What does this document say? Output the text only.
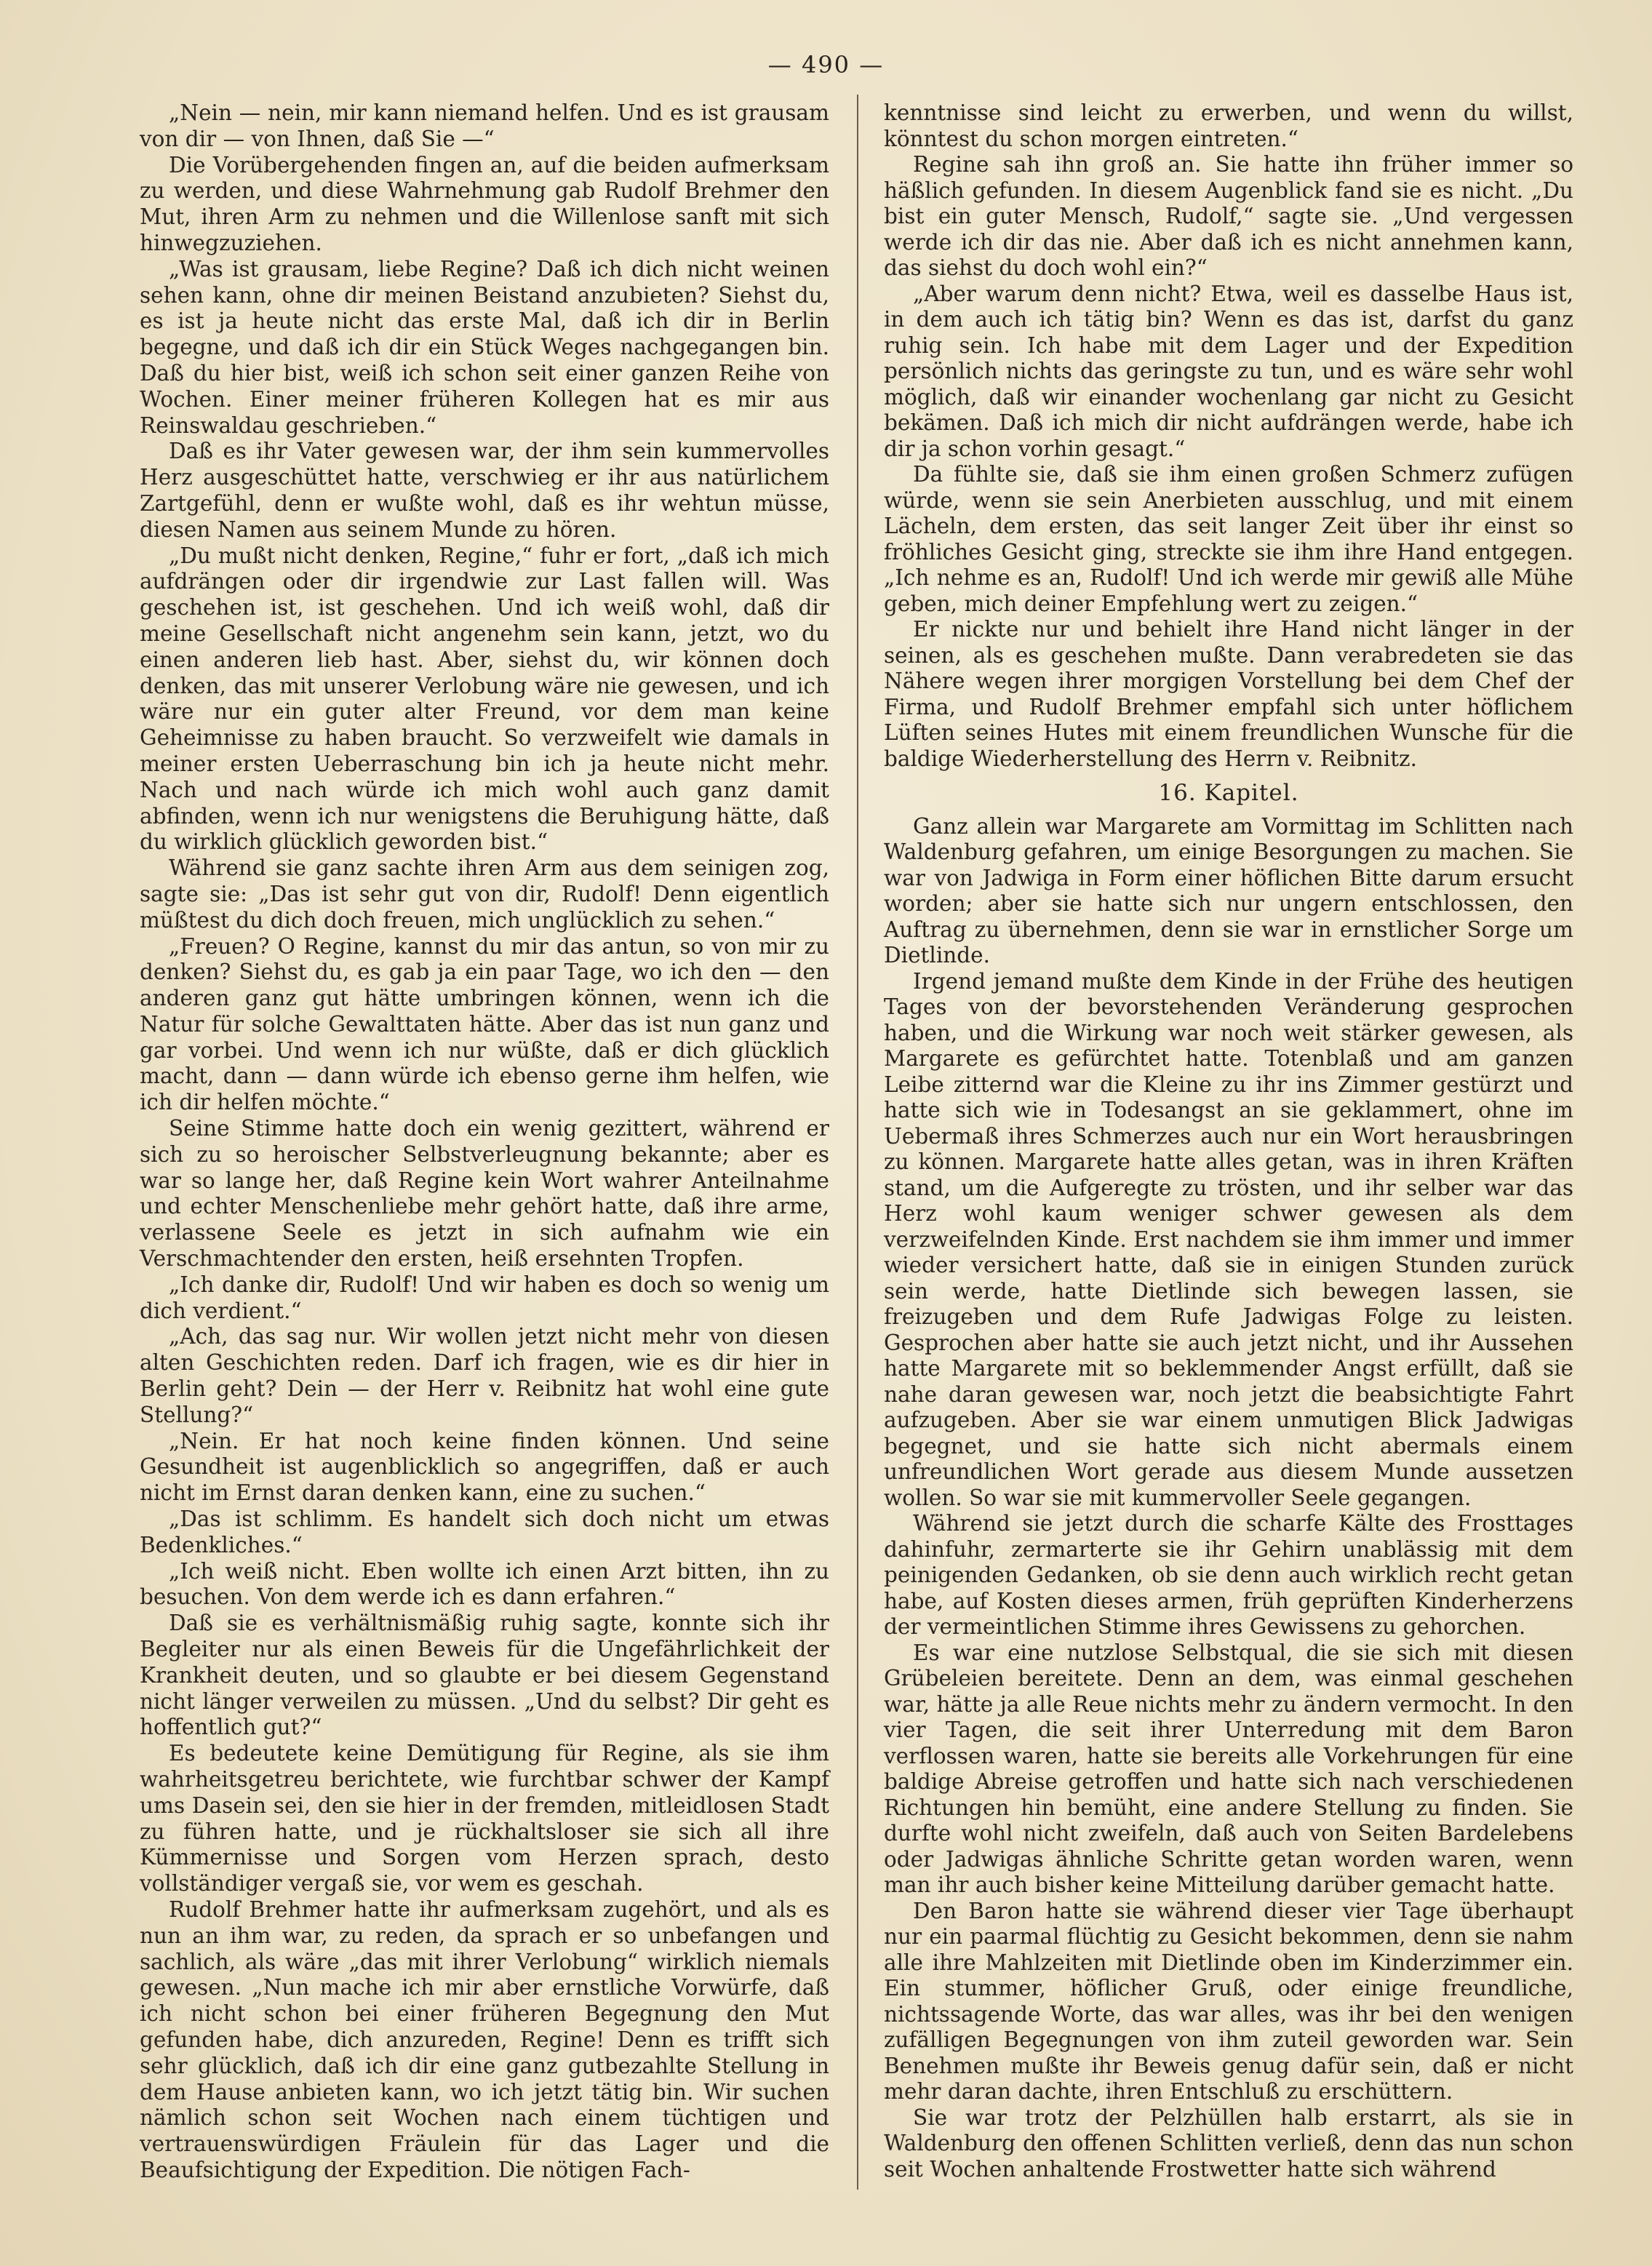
— 490 —

„Nein — nein, mir kann niemand helfen. Und es ist grausam von dir — von Ihnen, daß Sie —“

Die Vorübergehenden fingen an, auf die beiden aufmerksam zu werden, und diese Wahrnehmung gab Rudolf Brehmer den Mut, ihren Arm zu nehmen und die Willenlose sanft mit sich hinwegzuziehen.

„Was ist grausam, liebe Regine? Daß ich dich nicht weinen sehen kann, ohne dir meinen Beistand anzubieten? Siehst du, es ist ja heute nicht das erste Mal, daß ich dir in Berlin begegne, und daß ich dir ein Stück Weges nachgegangen bin. Daß du hier bist, weiß ich schon seit einer ganzen Reihe von Wochen. Einer meiner früheren Kollegen hat es mir aus Reinswaldau geschrieben.“

Daß es ihr Vater gewesen war, der ihm sein kummervolles Herz ausgeschüttet hatte, verschwieg er ihr aus natürlichem Zartgefühl, denn er wußte wohl, daß es ihr wehtun müsse, diesen Namen aus seinem Munde zu hören.

„Du mußt nicht denken, Regine,“ fuhr er fort, „daß ich mich aufdrängen oder dir irgendwie zur Last fallen will. Was geschehen ist, ist geschehen. Und ich weiß wohl, daß dir meine Gesellschaft nicht angenehm sein kann, jetzt, wo du einen anderen lieb hast. Aber, siehst du, wir können doch denken, das mit unserer Verlobung wäre nie gewesen, und ich wäre nur ein guter alter Freund, vor dem man keine Geheimnisse zu haben braucht. So verzweifelt wie damals in meiner ersten Ueberraschung bin ich ja heute nicht mehr. Nach und nach würde ich mich wohl auch ganz damit abfinden, wenn ich nur wenigstens die Beruhigung hätte, daß du wirklich glücklich geworden bist.“

Während sie ganz sachte ihren Arm aus dem seinigen zog, sagte sie: „Das ist sehr gut von dir, Rudolf! Denn eigentlich müßtest du dich doch freuen, mich unglücklich zu sehen.“

„Freuen? O Regine, kannst du mir das antun, so von mir zu denken? Siehst du, es gab ja ein paar Tage, wo ich den — den anderen ganz gut hätte umbringen können, wenn ich die Natur für solche Gewalttaten hätte. Aber das ist nun ganz und gar vorbei. Und wenn ich nur wüßte, daß er dich glücklich macht, dann — dann würde ich ebenso gerne ihm helfen, wie ich dir helfen möchte.“

Seine Stimme hatte doch ein wenig gezittert, während er sich zu so heroischer Selbstverleugnung bekannte; aber es war so lange her, daß Regine kein Wort wahrer Anteilnahme und echter Menschenliebe mehr gehört hatte, daß ihre arme, verlassene Seele es jetzt in sich aufnahm wie ein Verschmachtender den ersten, heiß ersehnten Tropfen.

„Ich danke dir, Rudolf! Und wir haben es doch so wenig um dich verdient.“

„Ach, das sag nur. Wir wollen jetzt nicht mehr von diesen alten Geschichten reden. Darf ich fragen, wie es dir hier in Berlin geht? Dein — der Herr v. Reibnitz hat wohl eine gute Stellung?“

„Nein. Er hat noch keine finden können. Und seine Gesundheit ist augenblicklich so angegriffen, daß er auch nicht im Ernst daran denken kann, eine zu suchen.“

„Das ist schlimm. Es handelt sich doch nicht um etwas Bedenkliches.“

„Ich weiß nicht. Eben wollte ich einen Arzt bitten, ihn zu besuchen. Von dem werde ich es dann erfahren.“

Daß sie es verhältnismäßig ruhig sagte, konnte sich ihr Begleiter nur als einen Beweis für die Ungefährlichkeit der Krankheit deuten, und so glaubte er bei diesem Gegenstand nicht länger verweilen zu müssen. „Und du selbst? Dir geht es hoffentlich gut?“

Es bedeutete keine Demütigung für Regine, als sie ihm wahrheitsgetreu berichtete, wie furchtbar schwer der Kampf ums Dasein sei, den sie hier in der fremden, mitleidlosen Stadt zu führen hatte, und je rückhaltsloser sie sich all ihre Kümmernisse und Sorgen vom Herzen sprach, desto vollständiger vergaß sie, vor wem es geschah.

Rudolf Brehmer hatte ihr aufmerksam zugehört, und als es nun an ihm war, zu reden, da sprach er so unbefangen und sachlich, als wäre „das mit ihrer Verlobung“ wirklich niemals gewesen. „Nun mache ich mir aber ernstliche Vorwürfe, daß ich nicht schon bei einer früheren Begegnung den Mut gefunden habe, dich anzureden, Regine! Denn es trifft sich sehr glücklich, daß ich dir eine ganz gutbezahlte Stellung in dem Hause anbieten kann, wo ich jetzt tätig bin. Wir suchen nämlich schon seit Wochen nach einem tüchtigen und vertrauenswürdigen Fräulein für das Lager und die Beaufsichtigung der Expedition. Die nötigen Fach-

kenntnisse sind leicht zu erwerben, und wenn du willst, könntest du schon morgen eintreten.“

Regine sah ihn groß an. Sie hatte ihn früher immer so häßlich gefunden. In diesem Augenblick fand sie es nicht. „Du bist ein guter Mensch, Rudolf,“ sagte sie. „Und vergessen werde ich dir das nie. Aber daß ich es nicht annehmen kann, das siehst du doch wohl ein?“

„Aber warum denn nicht? Etwa, weil es dasselbe Haus ist, in dem auch ich tätig bin? Wenn es das ist, darfst du ganz ruhig sein. Ich habe mit dem Lager und der Expedition persönlich nichts das geringste zu tun, und es wäre sehr wohl möglich, daß wir einander wochenlang gar nicht zu Gesicht bekämen. Daß ich mich dir nicht aufdrängen werde, habe ich dir ja schon vorhin gesagt.“

Da fühlte sie, daß sie ihm einen großen Schmerz zufügen würde, wenn sie sein Anerbieten ausschlug, und mit einem Lächeln, dem ersten, das seit langer Zeit über ihr einst so fröhliches Gesicht ging, streckte sie ihm ihre Hand entgegen. „Ich nehme es an, Rudolf! Und ich werde mir gewiß alle Mühe geben, mich deiner Empfehlung wert zu zeigen.“

Er nickte nur und behielt ihre Hand nicht länger in der seinen, als es geschehen mußte. Dann verabredeten sie das Nähere wegen ihrer morgigen Vorstellung bei dem Chef der Firma, und Rudolf Brehmer empfahl sich unter höflichem Lüften seines Hutes mit einem freundlichen Wunsche für die baldige Wiederherstellung des Herrn v. Reibnitz.

16. Kapitel.

Ganz allein war Margarete am Vormittag im Schlitten nach Waldenburg gefahren, um einige Besorgungen zu machen. Sie war von Jadwiga in Form einer höflichen Bitte darum ersucht worden; aber sie hatte sich nur ungern entschlossen, den Auftrag zu übernehmen, denn sie war in ernstlicher Sorge um Dietlinde.

Irgend jemand mußte dem Kinde in der Frühe des heutigen Tages von der bevorstehenden Veränderung gesprochen haben, und die Wirkung war noch weit stärker gewesen, als Margarete es gefürchtet hatte. Totenblaß und am ganzen Leibe zitternd war die Kleine zu ihr ins Zimmer gestürzt und hatte sich wie in Todesangst an sie geklammert, ohne im Uebermaß ihres Schmerzes auch nur ein Wort herausbringen zu können. Margarete hatte alles getan, was in ihren Kräften stand, um die Aufgeregte zu trösten, und ihr selber war das Herz wohl kaum weniger schwer gewesen als dem verzweifelnden Kinde. Erst nachdem sie ihm immer und immer wieder versichert hatte, daß sie in einigen Stunden zurück sein werde, hatte Dietlinde sich bewegen lassen, sie freizugeben und dem Rufe Jadwigas Folge zu leisten. Gesprochen aber hatte sie auch jetzt nicht, und ihr Aussehen hatte Margarete mit so beklemmender Angst erfüllt, daß sie nahe daran gewesen war, noch jetzt die beabsichtigte Fahrt aufzugeben. Aber sie war einem unmutigen Blick Jadwigas begegnet, und sie hatte sich nicht abermals einem unfreundlichen Wort gerade aus diesem Munde aussetzen wollen. So war sie mit kummervoller Seele gegangen.

Während sie jetzt durch die scharfe Kälte des Frosttages dahinfuhr, zermarterte sie ihr Gehirn unablässig mit dem peinigenden Gedanken, ob sie denn auch wirklich recht getan habe, auf Kosten dieses armen, früh geprüften Kinderherzens der vermeintlichen Stimme ihres Gewissens zu gehorchen.

Es war eine nutzlose Selbstqual, die sie sich mit diesen Grübeleien bereitete. Denn an dem, was einmal geschehen war, hätte ja alle Reue nichts mehr zu ändern vermocht. In den vier Tagen, die seit ihrer Unterredung mit dem Baron verflossen waren, hatte sie bereits alle Vorkehrungen für eine baldige Abreise getroffen und hatte sich nach verschiedenen Richtungen hin bemüht, eine andere Stellung zu finden. Sie durfte wohl nicht zweifeln, daß auch von Seiten Bardelebens oder Jadwigas ähnliche Schritte getan worden waren, wenn man ihr auch bisher keine Mitteilung darüber gemacht hatte.

Den Baron hatte sie während dieser vier Tage überhaupt nur ein paarmal flüchtig zu Gesicht bekommen, denn sie nahm alle ihre Mahlzeiten mit Dietlinde oben im Kinderzimmer ein. Ein stummer, höflicher Gruß, oder einige freundliche, nichtssagende Worte, das war alles, was ihr bei den wenigen zufälligen Begegnungen von ihm zuteil geworden war. Sein Benehmen mußte ihr Beweis genug dafür sein, daß er nicht mehr daran dachte, ihren Entschluß zu erschüttern.

Sie war trotz der Pelzhüllen halb erstarrt, als sie in Waldenburg den offenen Schlitten verließ, denn das nun schon seit Wochen anhaltende Frostwetter hatte sich während
